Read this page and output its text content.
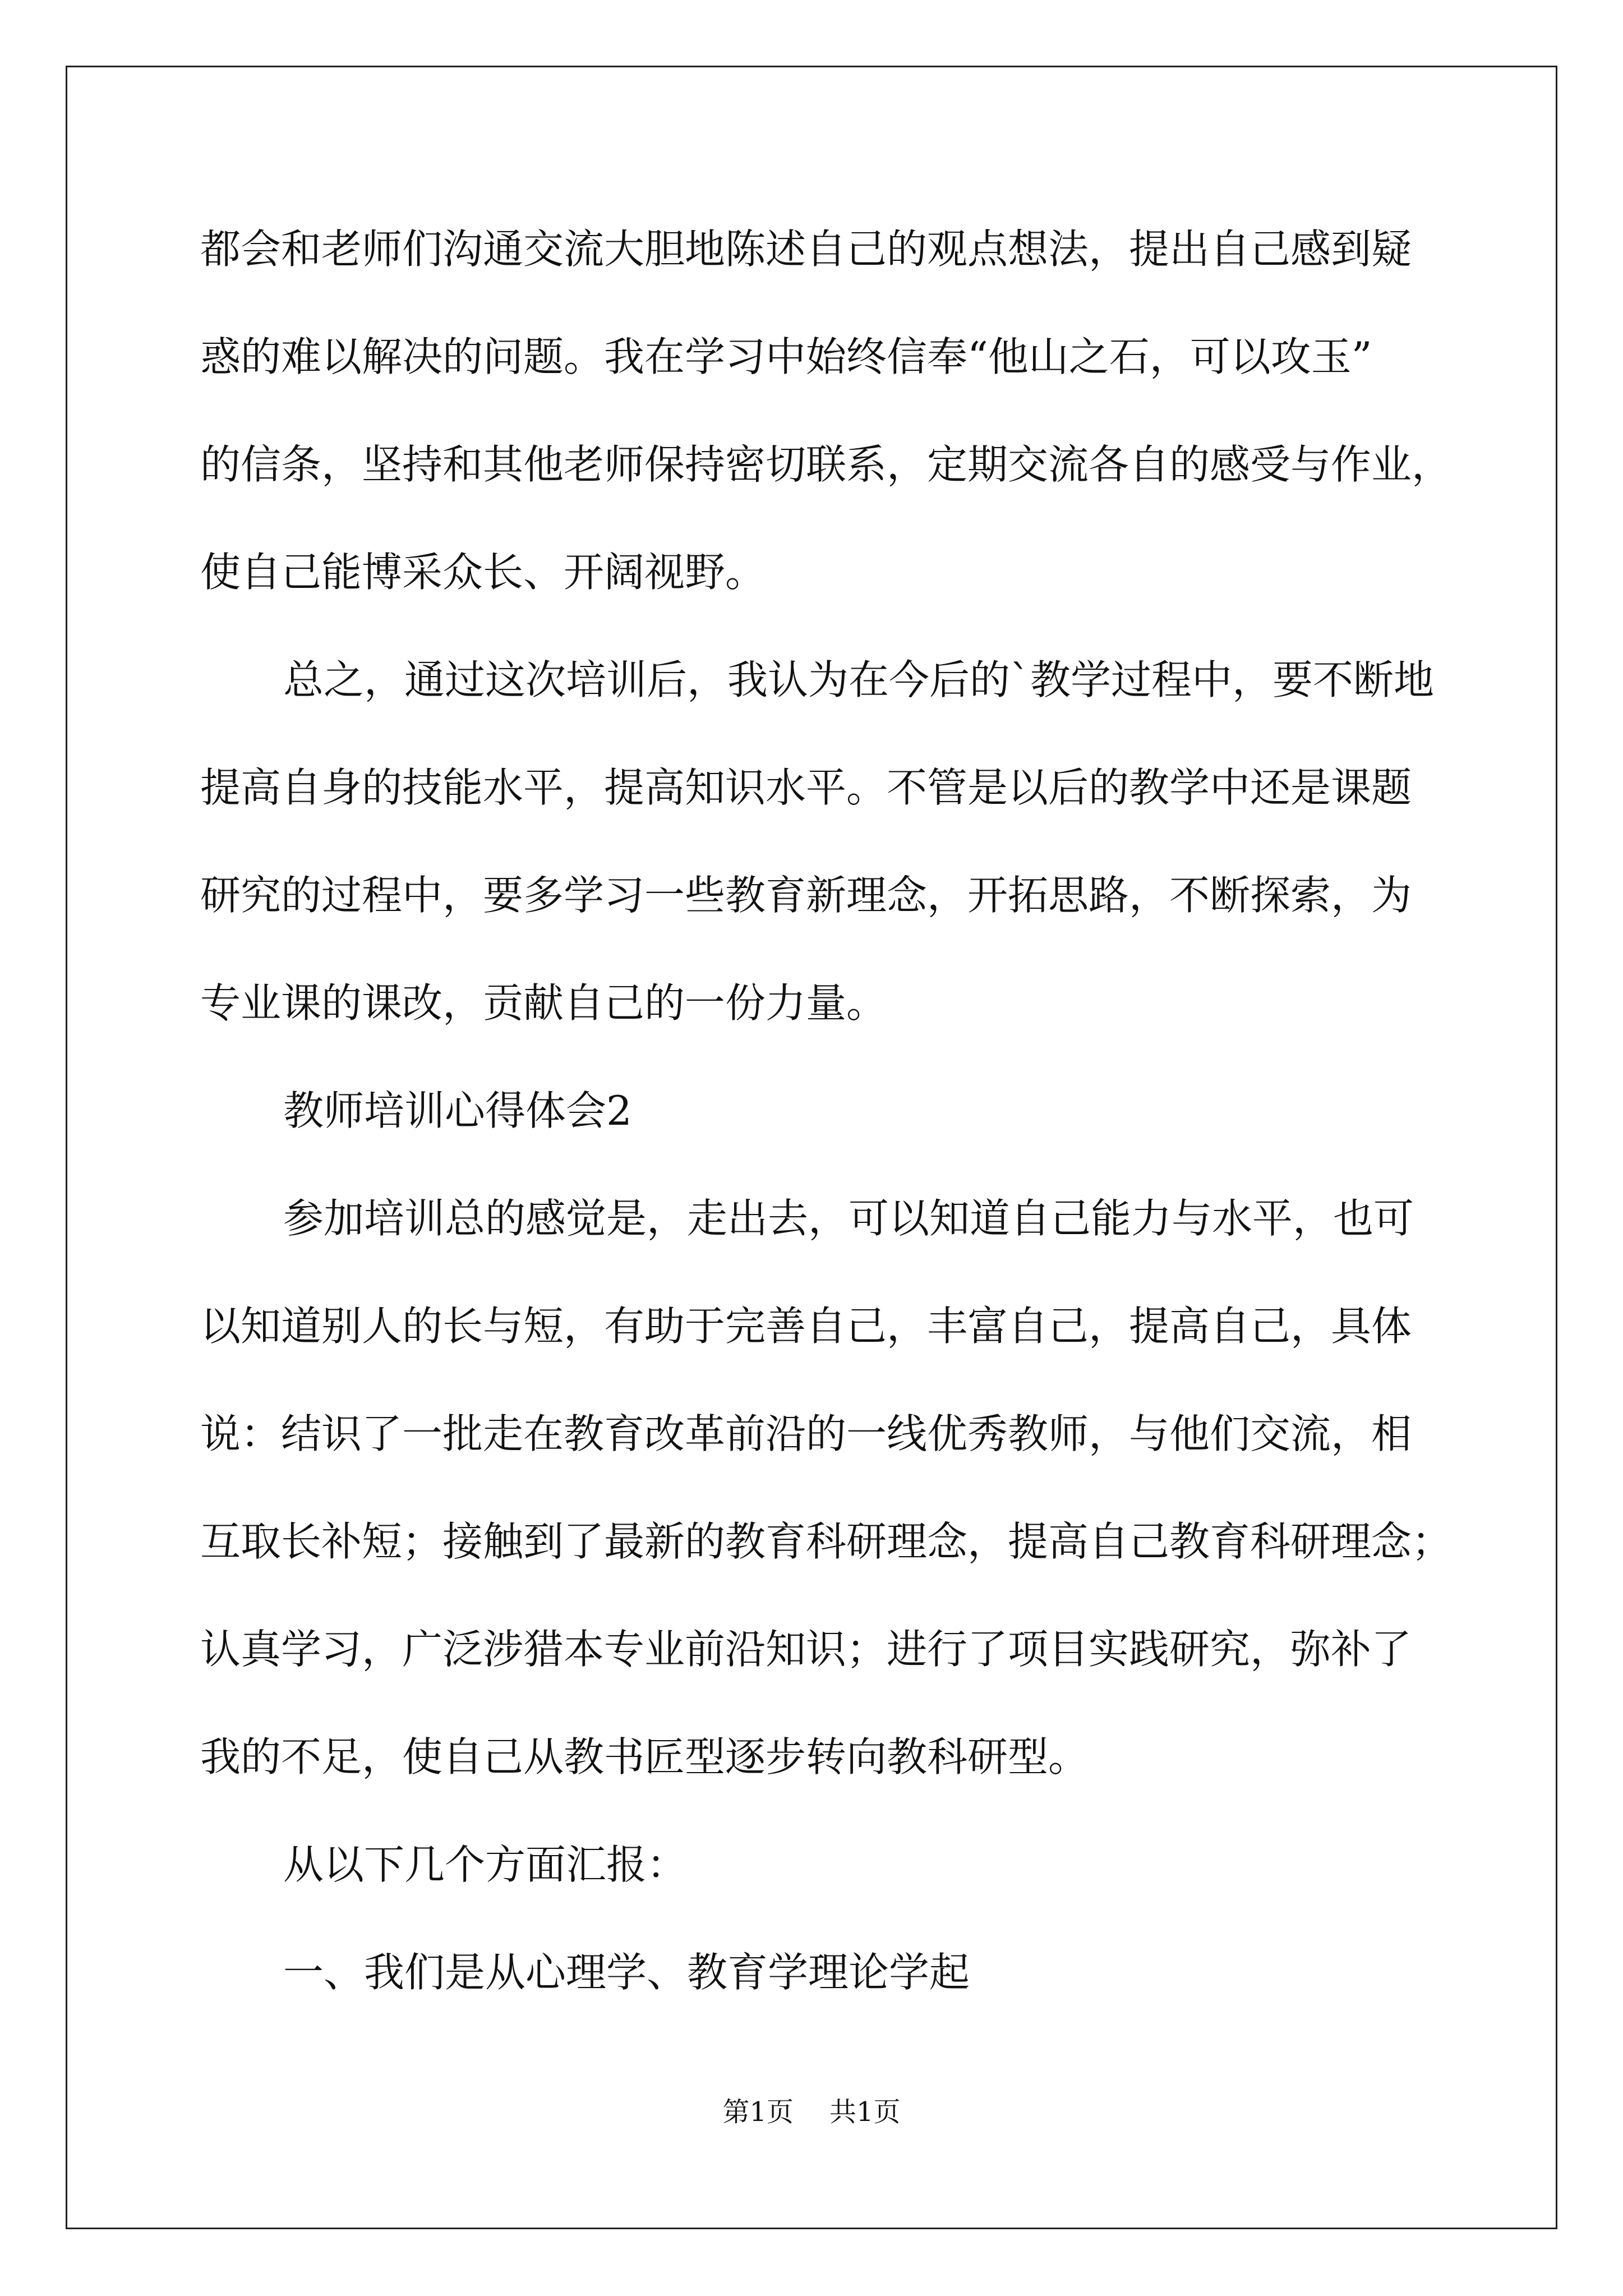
都会和老师们沟通交流大胆地陈述自己的观点想法，提出自己感到疑
惑的难以解决的问题。我在学习中始终信奉“他山之石，可以攻玉”
的信条，坚持和其他老师保持密切联系，定期交流各自的感受与作业，
使自己能博采众长、开阔视野。
总之，通过这次培训后，我认为在今后的`教学过程中，要不断地
提高自身的技能水平，提高知识水平。不管是以后的教学中还是课题
研究的过程中，要多学习一些教育新理念，开拓思路，不断探索，为
专业课的课改，贡献自己的一份力量。
教师培训心得体会2
参加培训总的感觉是，走出去，可以知道自己能力与水平，也可
以知道别人的长与短，有助于完善自己，丰富自己，提高自己，具体
说：结识了一批走在教育改革前沿的一线优秀教师，与他们交流，相
互取长补短；接触到了最新的教育科研理念，提高自己教育科研理念；
认真学习，广泛涉猎本专业前沿知识；进行了项目实践研究，弥补了
我的不足，使自己从教书匠型逐步转向教科研型。
从以下几个方面汇报：
一、我们是从心理学、教育学理论学起
第1页 共1页
